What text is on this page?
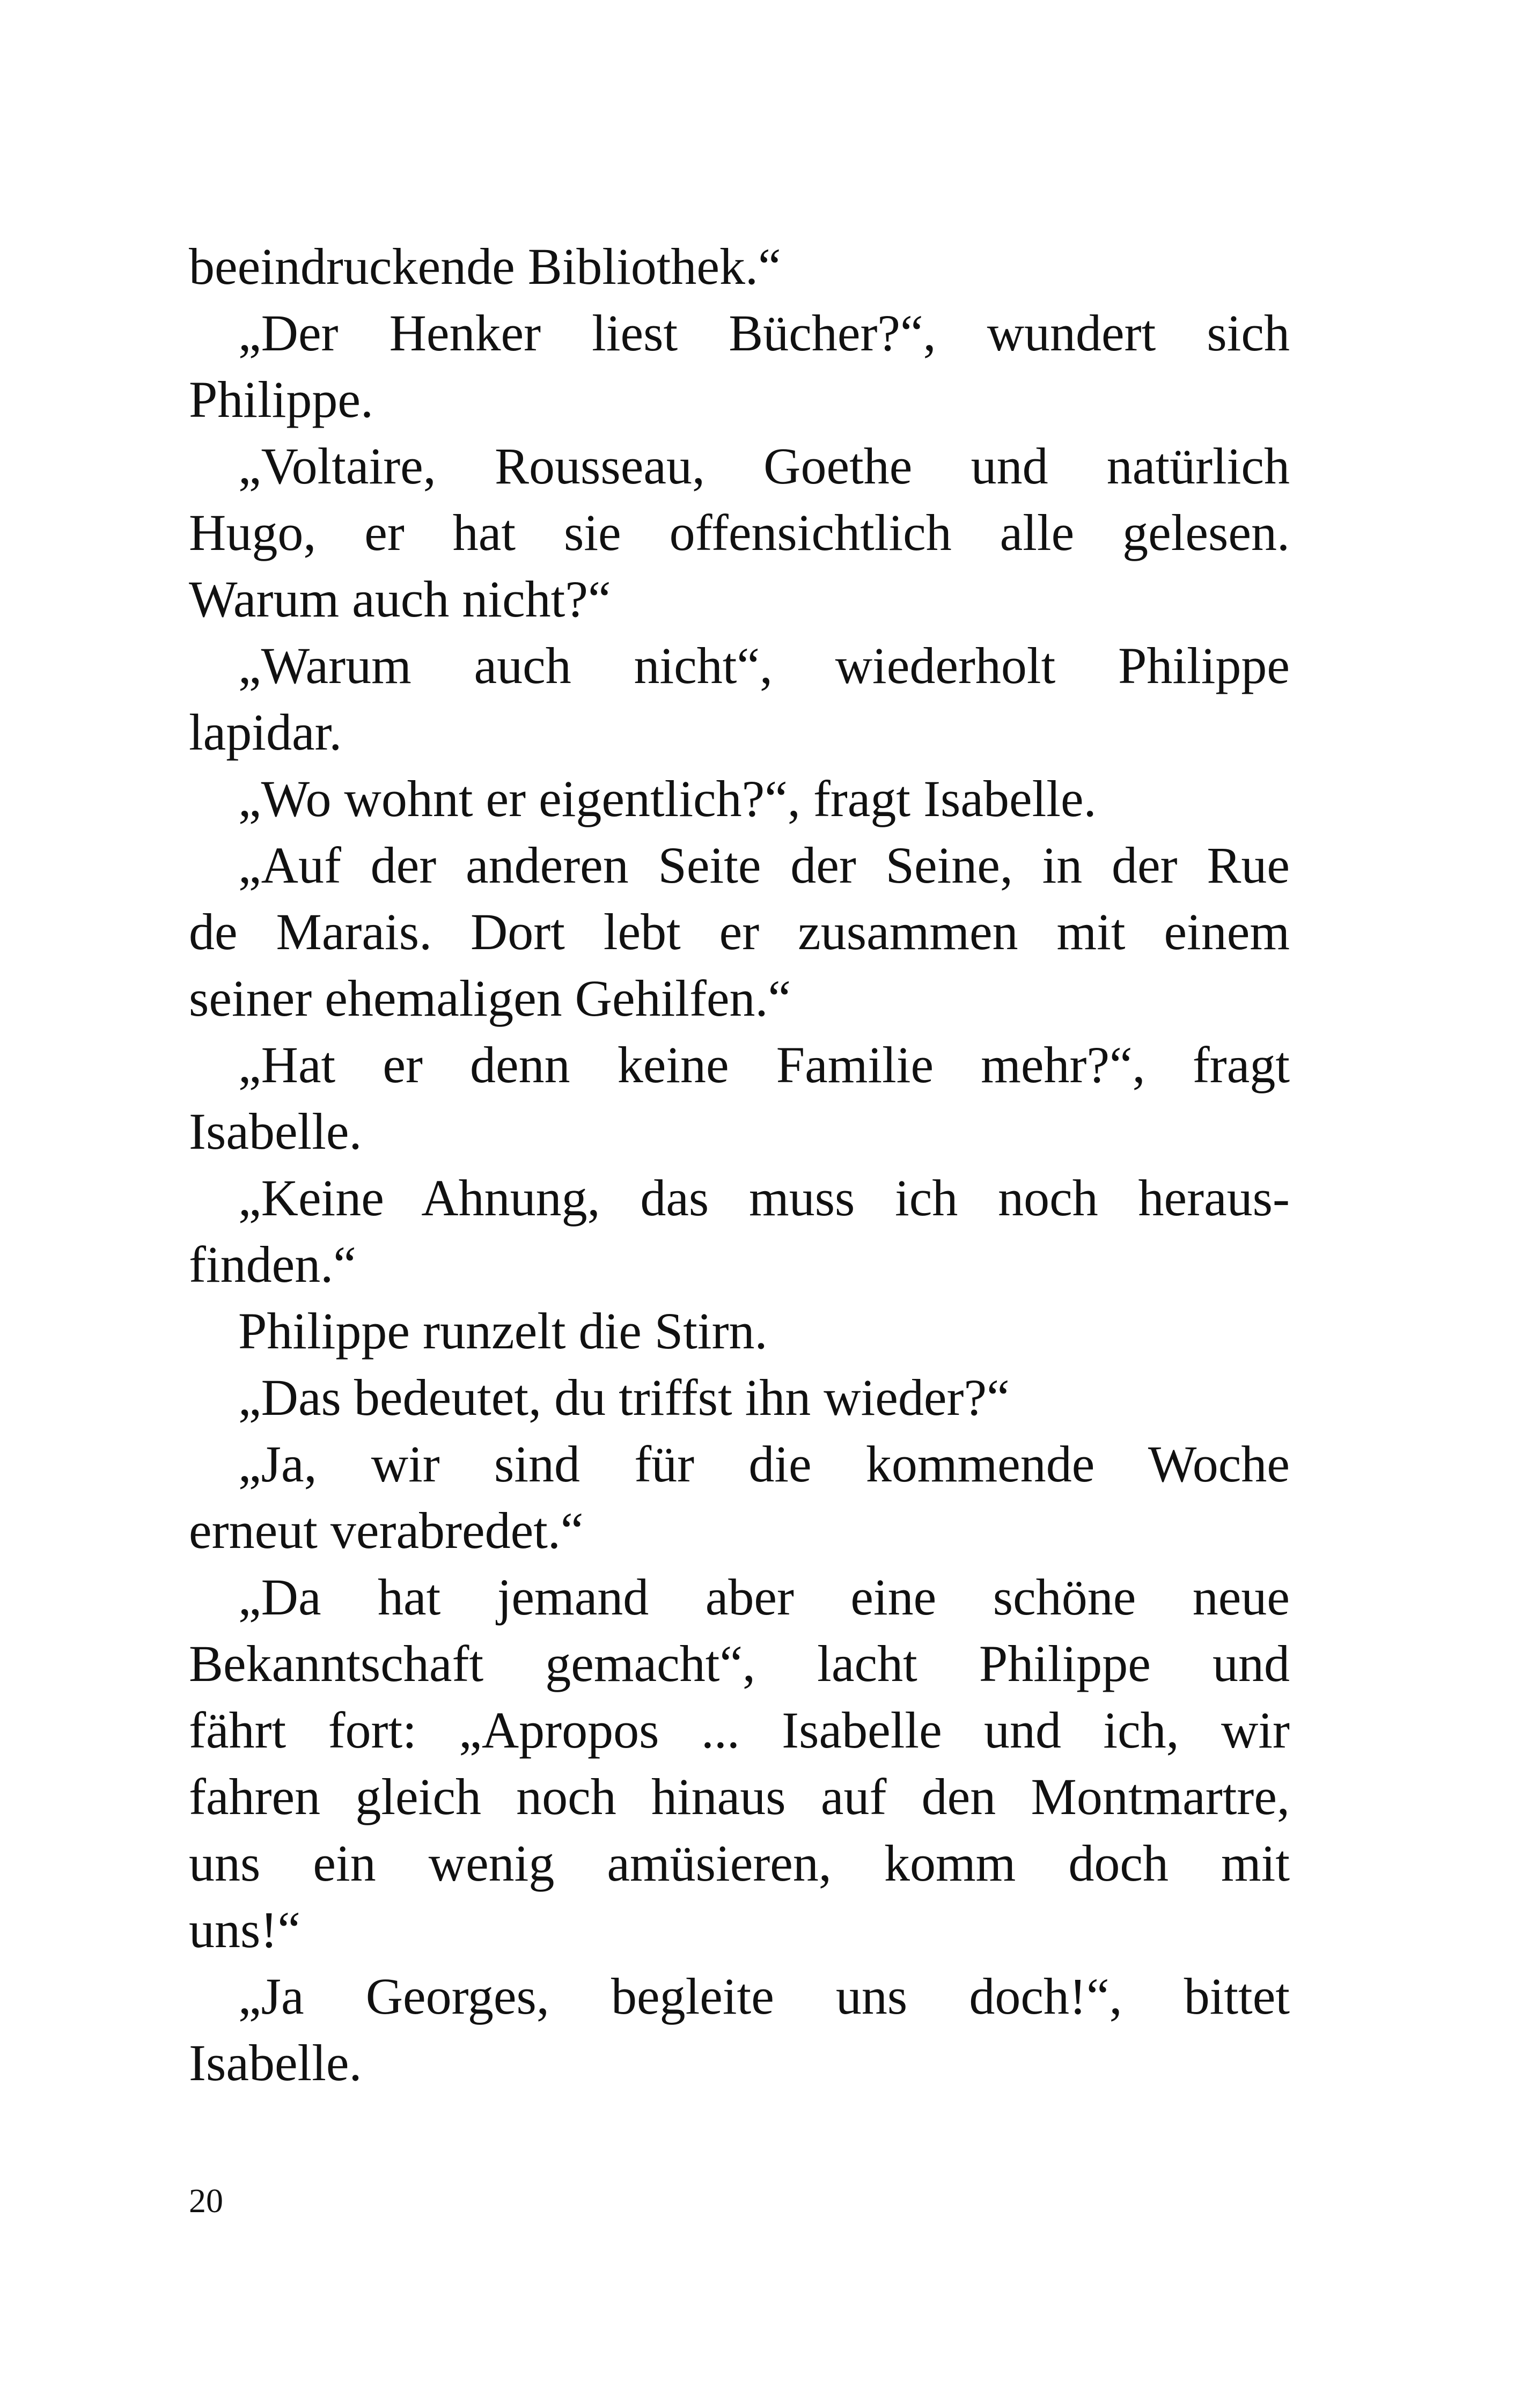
beeindruckende Bibliothek.“
„Der Henker liest Bücher?“, wundert sich
Philippe.
„Voltaire, Rousseau, Goethe und natürlich
Hugo, er hat sie offensichtlich alle gelesen.
Warum auch nicht?“
„Warum auch nicht“, wiederholt Philippe
lapidar.
„Wo wohnt er eigentlich?“, fragt Isabelle.
„Auf der anderen Seite der Seine, in der Rue
de Marais. Dort lebt er zusammen mit einem
seiner ehemaligen Gehilfen.“
„Hat er denn keine Familie mehr?“, fragt
Isabelle.
„Keine Ahnung, das muss ich noch heraus-
finden.“
Philippe runzelt die Stirn.
„Das bedeutet, du triffst ihn wieder?“
„Ja, wir sind für die kommende Woche
erneut verabredet.“
„Da hat jemand aber eine schöne neue
Bekanntschaft gemacht“, lacht Philippe und
fährt fort: „Apropos ... Isabelle und ich, wir
fahren gleich noch hinaus auf den Montmartre,
uns ein wenig amüsieren, komm doch mit
uns!“
„Ja Georges, begleite uns doch!“, bittet
Isabelle.
20
